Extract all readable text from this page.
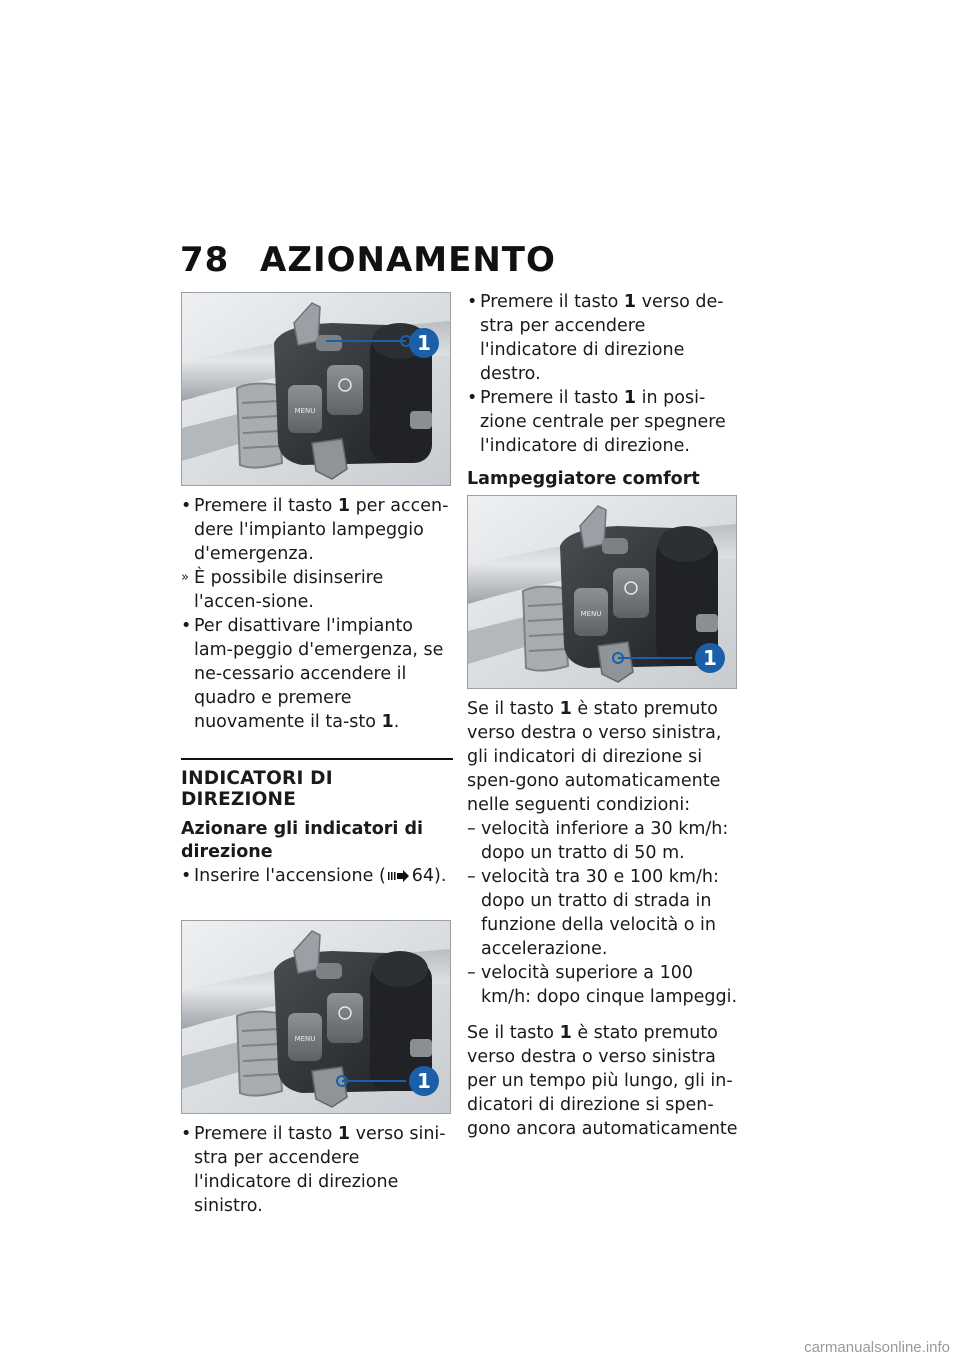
78 AZIONAMENTO
1
• Premere il tasto 1 per accen-dere l'impianto lampeggio d'emergenza.
» È possibile disinserire l'accen-sione.
• Per disattivare l'impianto lam-peggio d'emergenza, se ne-cessario accendere il quadro e premere nuovamente il ta-sto 1.
INDICATORI DI DIREZIONE
Azionare gli indicatori di direzione
• Inserire l'accensione ( 64).
1
• Premere il tasto 1 verso sini-stra per accendere l'indicatore di direzione sinistro.
• Premere il tasto 1 verso de-stra per accendere l'indicatore di direzione destro.
• Premere il tasto 1 in posi-zione centrale per spegnere l'indicatore di direzione.
Lampeggiatore comfort
1

Se il tasto 1 è stato premuto verso destra o verso sinistra, gli indicatori di direzione si spen-gono automaticamente nelle seguenti condizioni:

– velocità inferiore a 30 km/h: dopo un tratto di 50 m.
– velocità tra 30 e 100 km/h: dopo un tratto di strada in funzione della velocità o in accelerazione.
– velocità superiore a 100 km/h: dopo cinque lampeggi.

Se il tasto 1 è stato premuto verso destra o verso sinistra per un tempo più lungo, gli in-dicatori di direzione si spen-gono ancora automaticamente

carmanualsonline.info
